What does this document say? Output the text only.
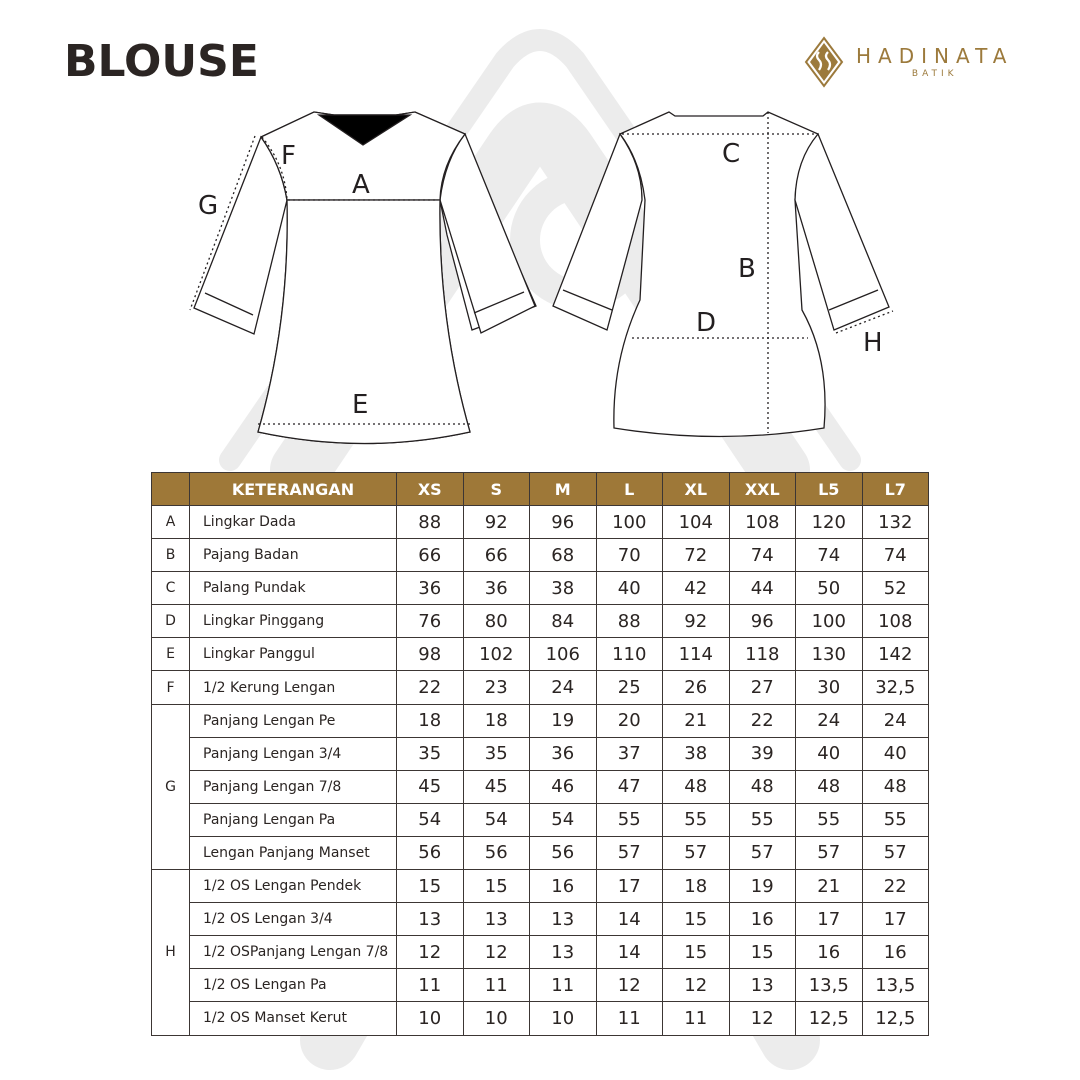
BLOUSE	HADINATA
BATIK
F
G
A
E
C
B
D
H
	KETERANGAN	XS	S	M	L	XL	XXL	L5	L7
A	Lingkar Dada	88	92	96	100	104	108	120	132
B	Pajang Badan	66	66	68	70	72	74	74	74
C	Palang Pundak	36	36	38	40	42	44	50	52
D	Lingkar Pinggang	76	80	84	88	92	96	100	108
E	Lingkar Panggul	98	102	106	110	114	118	130	142
F	1/2 Kerung Lengan	22	23	24	25	26	27	30	32,5
G	Panjang Lengan Pe	18	18	19	20	21	22	24	24
	Panjang Lengan 3/4	35	35	36	37	38	39	40	40
	Panjang Lengan 7/8	45	45	46	47	48	48	48	48
	Panjang Lengan Pa	54	54	54	55	55	55	55	55
	Lengan Panjang Manset	56	56	56	57	57	57	57	57
H	1/2 OS Lengan Pendek	15	15	16	17	18	19	21	22
	1/2 OS Lengan 3/4	13	13	13	14	15	16	17	17
	1/2 OSPanjang Lengan 7/8	12	12	13	14	15	15	16	16
	1/2 OS Lengan Pa	11	11	11	12	12	13	13,5	13,5
	1/2 OS Manset Kerut	10	10	10	11	11	12	12,5	12,5
